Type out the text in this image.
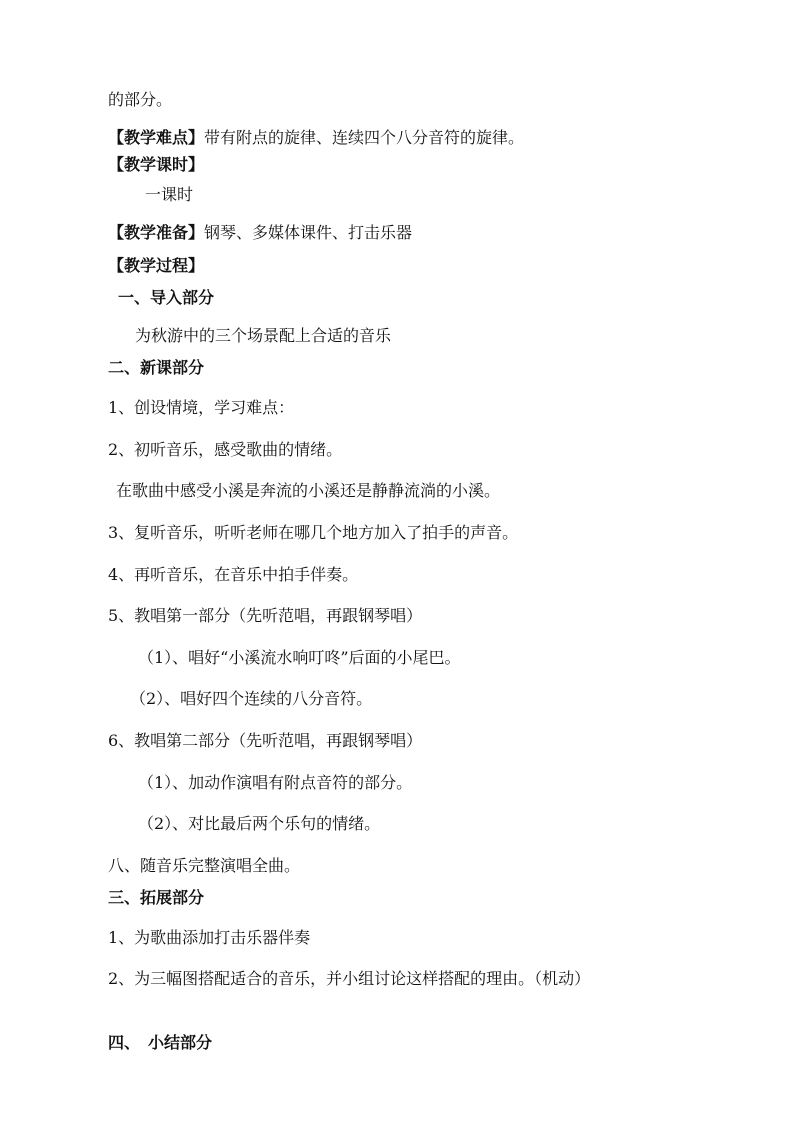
的部分。
【教学难点】带有附点的旋律、连续四个八分音符的旋律。
【教学课时】
一课时
【教学准备】钢琴、多媒体课件、打击乐器
【教学过程】
一、导入部分
为秋游中的三个场景配上合适的音乐
二、新课部分
1、创设情境，学习难点：
2、初听音乐，感受歌曲的情绪。
在歌曲中感受小溪是奔流的小溪还是静静流淌的小溪。
3、复听音乐，听听老师在哪几个地方加入了拍手的声音。
4、再听音乐，在音乐中拍手伴奏。
5、教唱第一部分（先听范唱，再跟钢琴唱）
（1）、唱好“小溪流水响叮咚”后面的小尾巴。
（2）、唱好四个连续的八分音符。
6、教唱第二部分（先听范唱，再跟钢琴唱）
（1）、加动作演唱有附点音符的部分。
（2）、对比最后两个乐句的情绪。
八、随音乐完整演唱全曲。
三、拓展部分
1、为歌曲添加打击乐器伴奏
2、为三幅图搭配适合的音乐，并小组讨论这样搭配的理由。（机动）
四、　小结部分
